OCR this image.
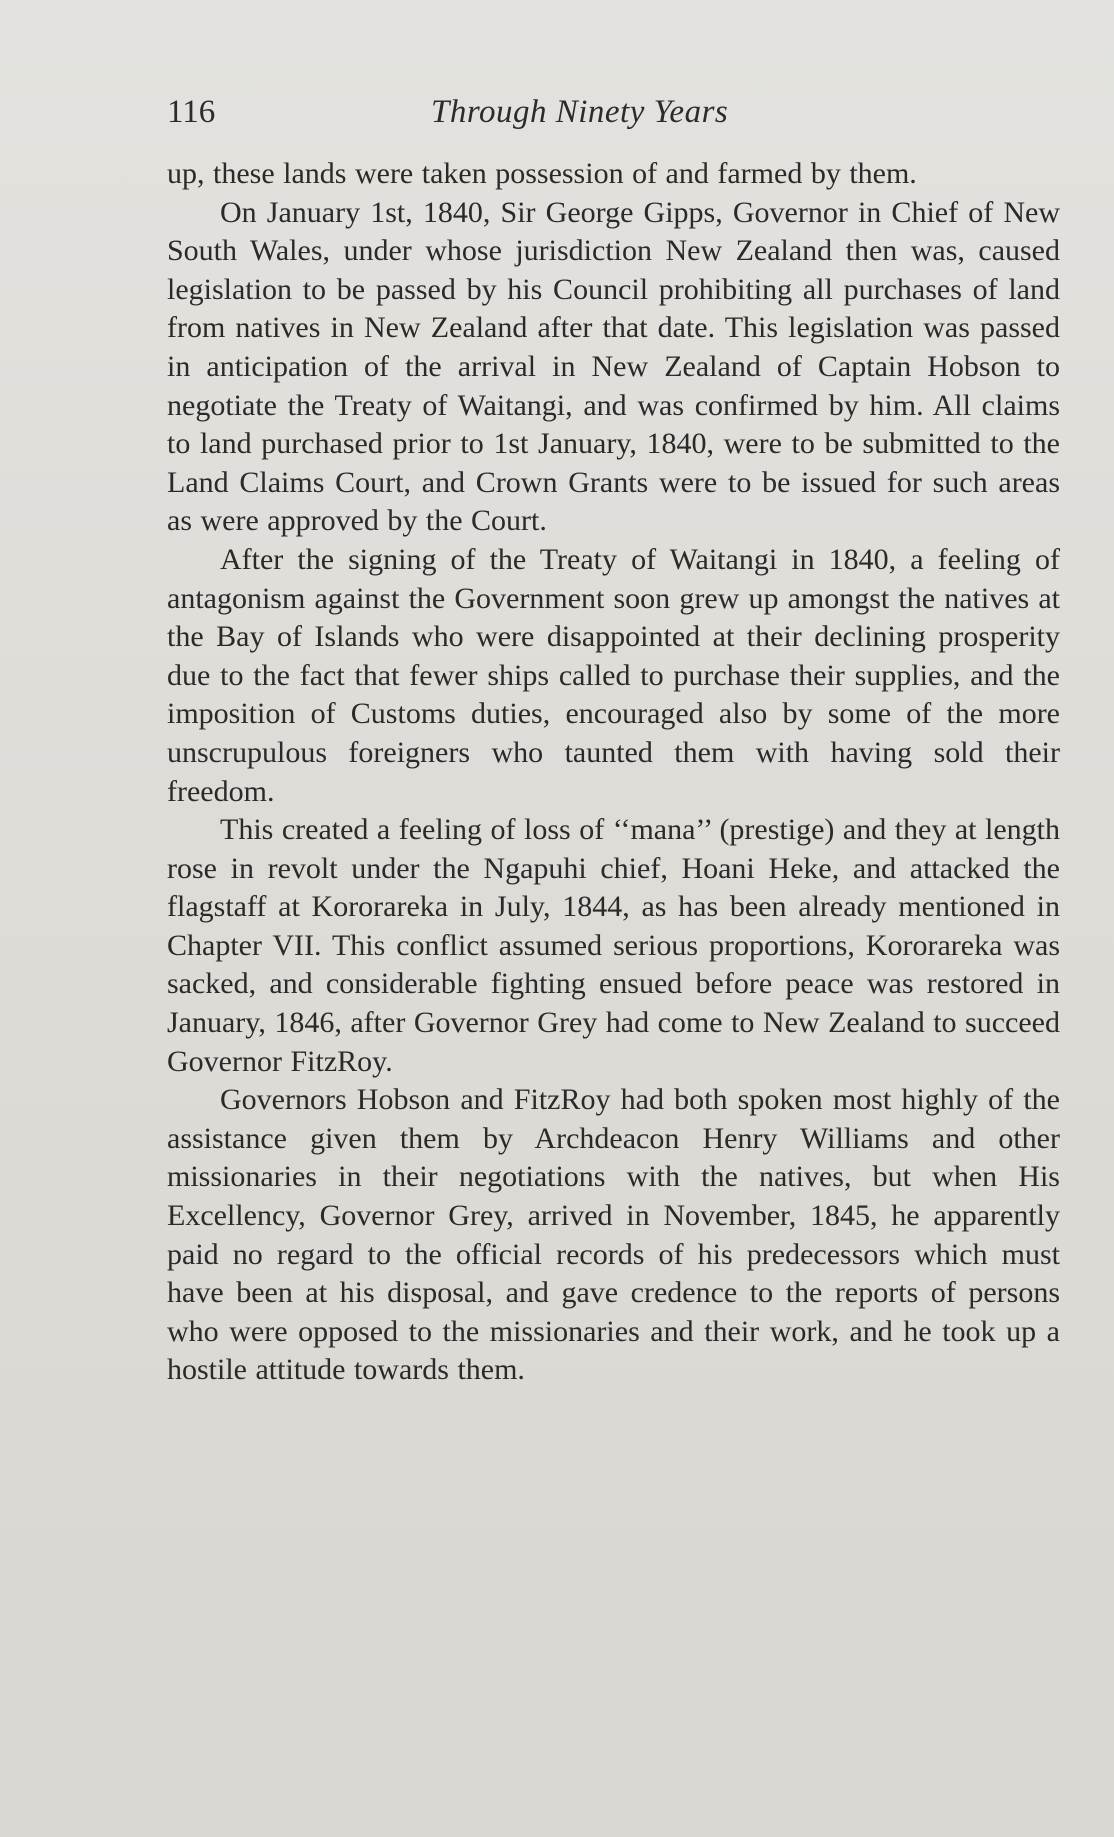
116	Through Ninety Years

up, these lands were taken possession of and farmed by them.

On January 1st, 1840, Sir George Gipps, Governor in Chief of New South Wales, under whose jurisdiction New Zealand then was, caused legislation to be passed by his Council prohibiting all purchases of land from natives in New Zealand after that date. This legislation was passed in anticipation of the arrival in New Zealand of Captain Hobson to negotiate the Treaty of Waitangi, and was confirmed by him. All claims to land purchased prior to 1st January, 1840, were to be submitted to the Land Claims Court, and Crown Grants were to be issued for such areas as were approved by the Court.

After the signing of the Treaty of Waitangi in 1840, a feeling of antagonism against the Government soon grew up amongst the natives at the Bay of Islands who were disappointed at their declining prosperity due to the fact that fewer ships called to purchase their supplies, and the imposition of Customs duties, encouraged also by some of the more unscrupulous foreigners who taunted them with having sold their freedom.

This created a feeling of loss of ‘‘mana’’ (prestige) and they at length rose in revolt under the Ngapuhi chief, Hoani Heke, and attacked the flagstaff at Kororareka in July, 1844, as has been already mentioned in Chapter VII. This conflict assumed serious proportions, Kororareka was sacked, and considerable fighting ensued before peace was restored in January, 1846, after Governor Grey had come to New Zealand to succeed Governor FitzRoy.

Governors Hobson and FitzRoy had both spoken most highly of the assistance given them by Archdeacon Henry Williams and other missionaries in their negotiations with the natives, but when His Excellency, Governor Grey, arrived in November, 1845, he apparently paid no regard to the official records of his predecessors which must have been at his disposal, and gave credence to the reports of persons who were opposed to the missionaries and their work, and he took up a hostile attitude towards them.
